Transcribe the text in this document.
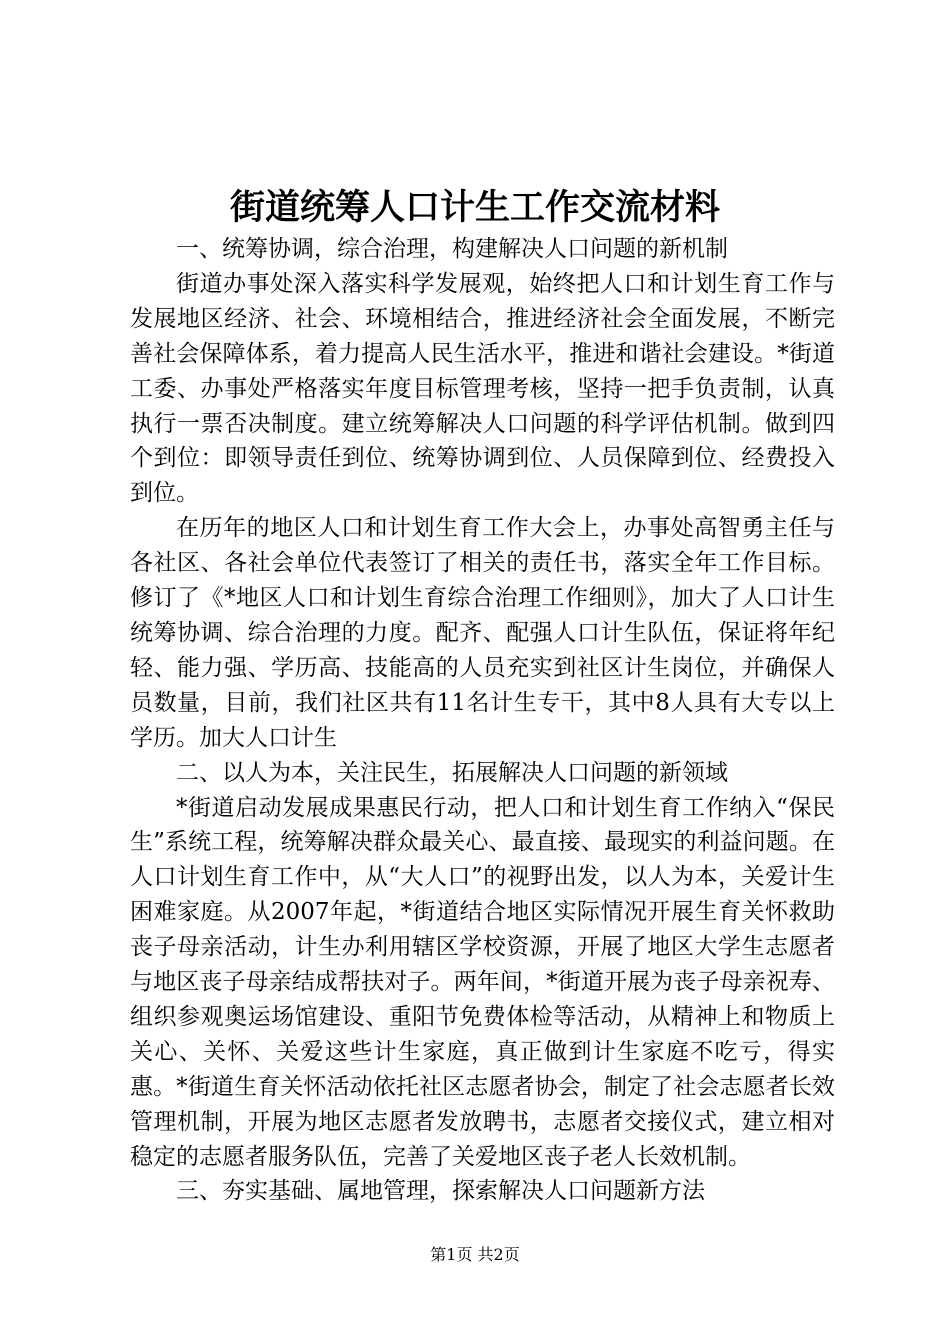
街道统筹人口计生工作交流材料

一、统筹协调，综合治理，构建解决人口问题的新机制

街道办事处深入落实科学发展观，始终把人口和计划生育工作与发展地区经济、社会、环境相结合，推进经济社会全面发展，不断完善社会保障体系，着力提高人民生活水平，推进和谐社会建设。*街道工委、办事处严格落实年度目标管理考核，坚持一把手负责制，认真执行一票否决制度。建立统筹解决人口问题的科学评估机制。做到四个到位：即领导责任到位、统筹协调到位、人员保障到位、经费投入到位。

在历年的地区人口和计划生育工作大会上，办事处高智勇主任与各社区、各社会单位代表签订了相关的责任书，落实全年工作目标。修订了《*地区人口和计划生育综合治理工作细则》，加大了人口计生统筹协调、综合治理的力度。配齐、配强人口计生队伍，保证将年纪轻、能力强、学历高、技能高的人员充实到社区计生岗位，并确保人员数量，目前，我们社区共有11名计生专干，其中8人具有大专以上学历。加大人口计生

二、以人为本，关注民生，拓展解决人口问题的新领域

*街道启动发展成果惠民行动，把人口和计划生育工作纳入“保民生”系统工程，统筹解决群众最关心、最直接、最现实的利益问题。在人口计划生育工作中，从“大人口”的视野出发，以人为本，关爱计生困难家庭。从2007年起，*街道结合地区实际情况开展生育关怀救助丧子母亲活动，计生办利用辖区学校资源，开展了地区大学生志愿者与地区丧子母亲结成帮扶对子。两年间，*街道开展为丧子母亲祝寿、组织参观奥运场馆建设、重阳节免费体检等活动，从精神上和物质上关心、关怀、关爱这些计生家庭，真正做到计生家庭不吃亏，得实惠。*街道生育关怀活动依托社区志愿者协会，制定了社会志愿者长效管理机制，开展为地区志愿者发放聘书，志愿者交接仪式，建立相对稳定的志愿者服务队伍，完善了关爱地区丧子老人长效机制。

三、夯实基础、属地管理，探索解决人口问题新方法

第1页 共2页
